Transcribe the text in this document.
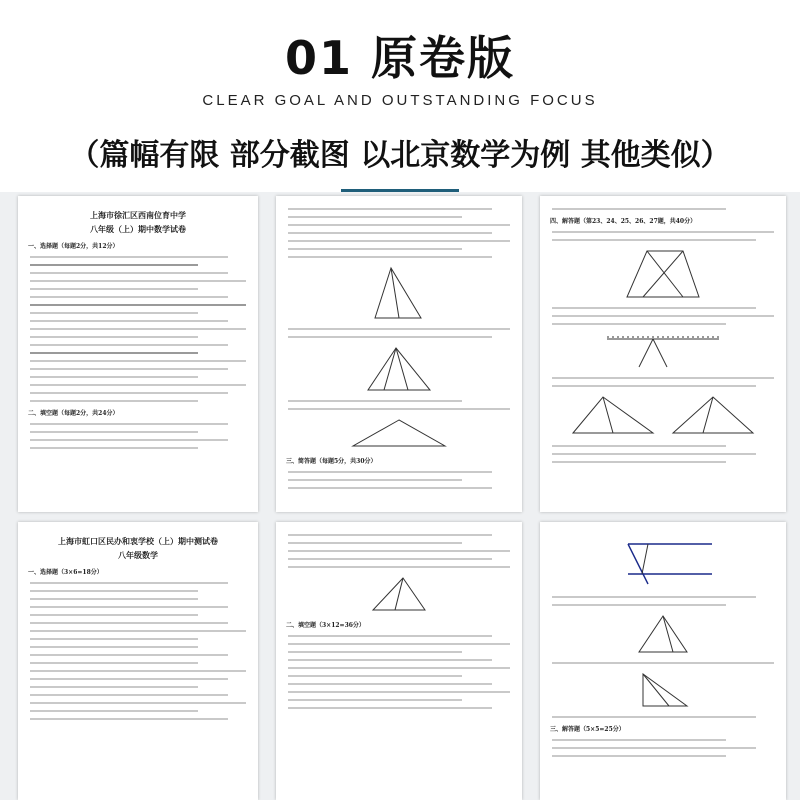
01 原卷版
CLEAR GOAL AND OUTSTANDING FOCUS
（篇幅有限 部分截图 以北京数学为例 其他类似）
上海市徐汇区西南位育中学
八年级（上）期中数学试卷
一、选择题（每题2分，共12分）
二、填空题（每题2分，共24分）
三、简答题（每题5分，共30分）
四、解答题（第23、24、25、26、27题，共40分）
上海市虹口区民办和衷学校（上）期中测试卷
八年级数学
一、选择题（3×6=18分）
二、填空题（3×12=36分）
三、解答题（5×5=25分）
